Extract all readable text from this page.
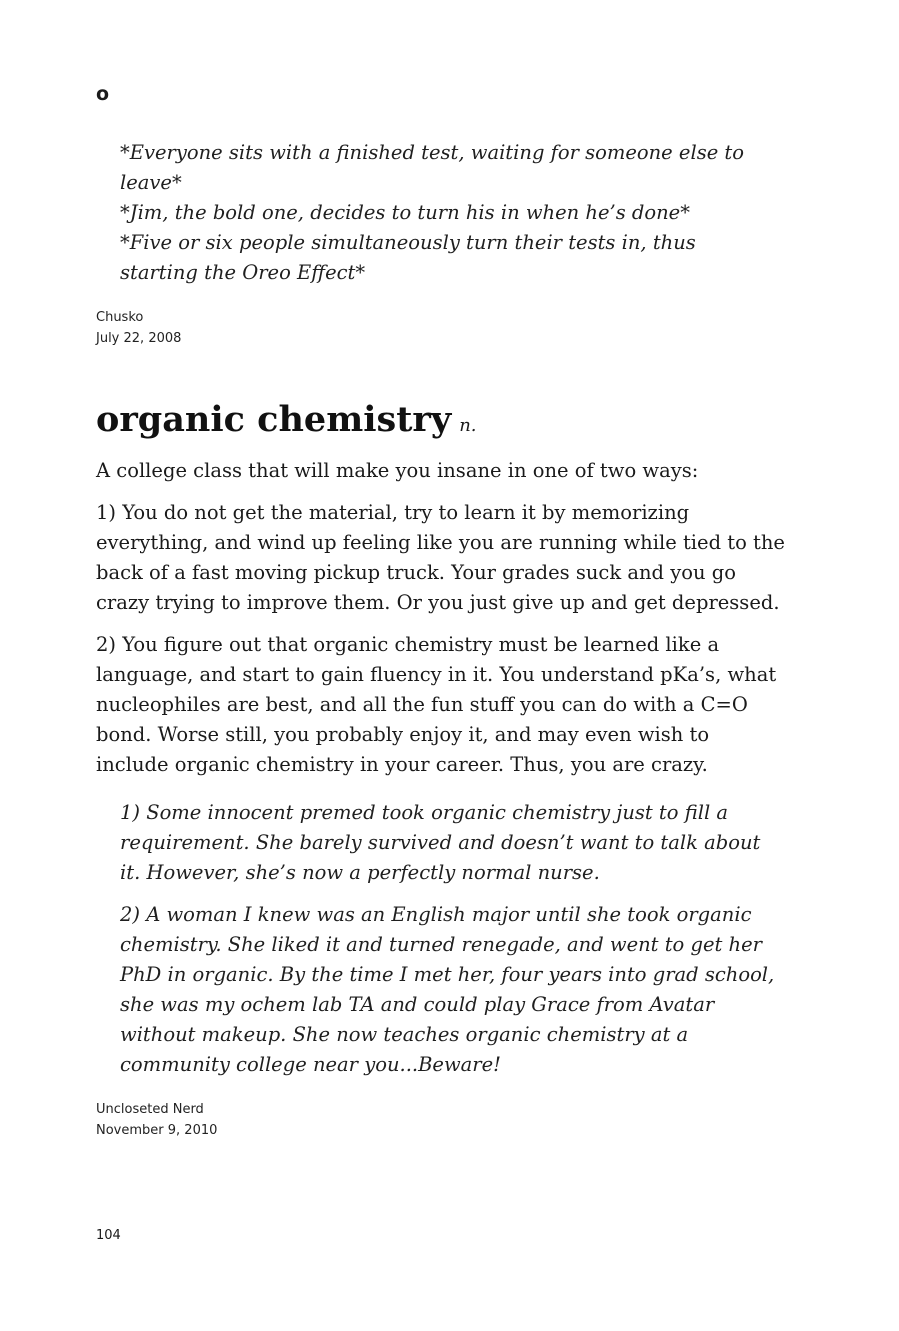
o

*Everyone sits with a finished test, waiting for someone else to leave*

*Jim, the bold one, decides to turn his in when he’s done*

*Five or six people simultaneously turn their tests in, thus starting the Oreo Effect*

Chusko
July 22, 2008
organic chemistry n.

A college class that will make you insane in one of two ways:

1) You do not get the material, try to learn it by memorizing everything, and wind up feeling like you are running while tied to the back of a fast moving pickup truck. Your grades suck and you go crazy trying to improve them. Or you just give up and get depressed.

2) You figure out that organic chemistry must be learned like a language, and start to gain fluency in it. You understand pKa’s, what nucleophiles are best, and all the fun stuff you can do with a C=O bond. Worse still, you probably enjoy it, and may even wish to include organic chemistry in your career. Thus, you are crazy.

1) Some innocent premed took organic chemistry just to fill a requirement. She barely survived and doesn’t want to talk about it. However, she’s now a perfectly normal nurse.

2) A woman I knew was an English major until she took organic chemistry. She liked it and turned renegade, and went to get her PhD in organic. By the time I met her, four years into grad school, she was my ochem lab TA and could play Grace from Avatar without makeup. She now teaches organic chemistry at a community college near you...Beware!

Uncloseted Nerd
November 9, 2010
104
